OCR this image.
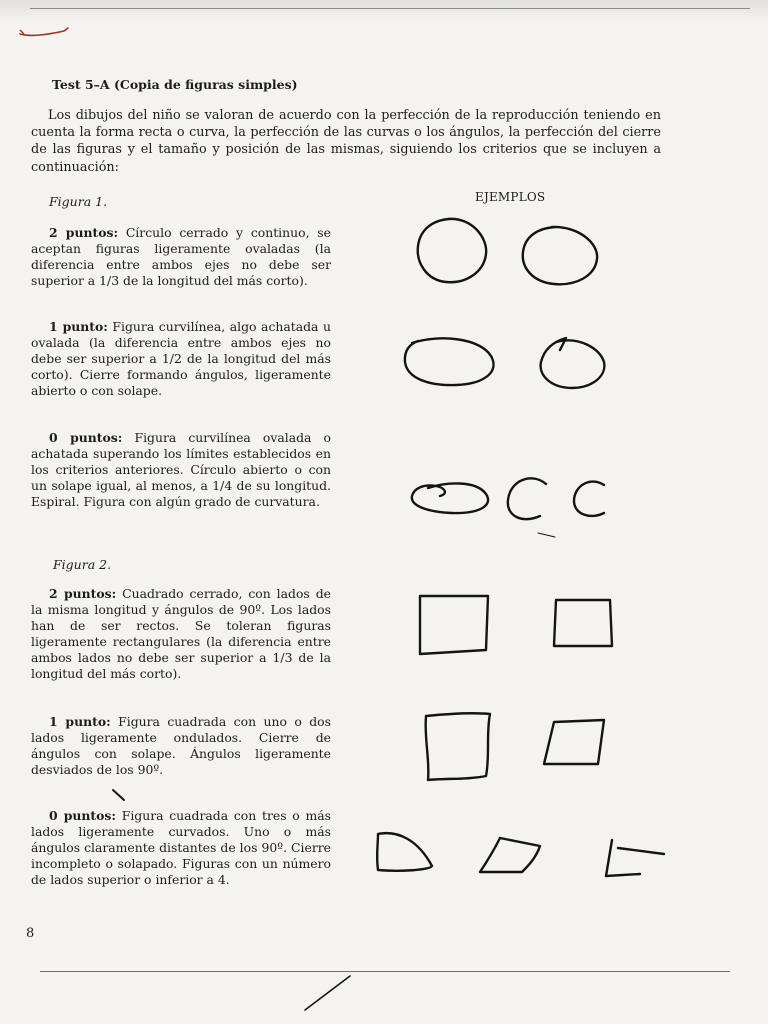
Test 5–A (Copia de figuras simples)

Los dibujos del niño se valoran de acuerdo con la perfección de la reproducción teniendo en cuenta la forma recta o curva, la perfección de las curvas o los ángulos, la perfección del cierre de las figuras y el tamaño y posición de las mismas, siguiendo los criterios que se incluyen a continuación:

Figura 1.	EJEMPLOS

2 puntos: Círculo cerrado y continuo, se aceptan figuras ligeramente ovaladas (la diferencia entre ambos ejes no debe ser superior a 1/3 de la longitud del más corto).

1 punto: Figura curvilínea, algo achatada u ovalada (la diferencia entre ambos ejes no debe ser superior a 1/2 de la longitud del más corto). Cierre formando ángulos, ligeramente abierto o con solape.

0 puntos: Figura curvilínea ovalada o achatada superando los límites establecidos en los criterios anteriores. Círculo abierto o con un solape igual, al menos, a 1/4 de su longitud. Espiral. Figura con algún grado de curvatura.

Figura 2.

2 puntos: Cuadrado cerrado, con lados de la misma longitud y ángulos de 90º. Los lados han de ser rectos. Se toleran figuras ligeramente rectangulares (la diferencia entre ambos lados no debe ser superior a 1/3 de la longitud del más corto).

1 punto: Figura cuadrada con uno o dos lados ligeramente ondulados. Cierre de ángulos con solape. Ángulos ligeramente desviados de los 90º.

0 puntos: Figura cuadrada con tres o más lados ligeramente curvados. Uno o más ángulos claramente distantes de los 90º. Cierre incompleto o solapado. Figuras con un número de lados superior o inferior a 4.

8
